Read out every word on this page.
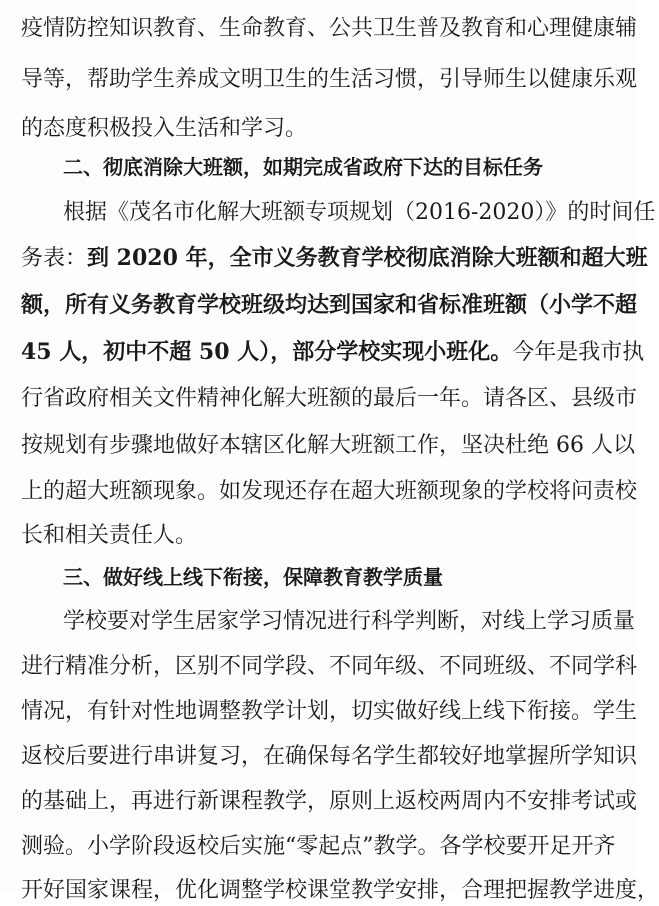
疫情防控知识教育、生命教育、公共卫生普及教育和心理健康辅
导等，帮助学生养成文明卫生的生活习惯，引导师生以健康乐观
的态度积极投入生活和学习。
二、彻底消除大班额，如期完成省政府下达的目标任务
根据《茂名市化解大班额专项规划（2016-2020）》的时间任
务表：到 2020 年，全市义务教育学校彻底消除大班额和超大班
额，所有义务教育学校班级均达到国家和省标准班额（小学不超
45 人，初中不超 50 人），部分学校实现小班化。今年是我市执
行省政府相关文件精神化解大班额的最后一年。请各区、县级市
按规划有步骤地做好本辖区化解大班额工作，坚决杜绝 66 人以
上的超大班额现象。如发现还存在超大班额现象的学校将问责校
长和相关责任人。
三、做好线上线下衔接，保障教育教学质量
学校要对学生居家学习情况进行科学判断，对线上学习质量
进行精准分析，区别不同学段、不同年级、不同班级、不同学科
情况，有针对性地调整教学计划，切实做好线上线下衔接。学生
返校后要进行串讲复习，在确保每名学生都较好地掌握所学知识
的基础上，再进行新课程教学，原则上返校两周内不安排考试或
测验。小学阶段返校后实施“零起点”教学。各学校要开足开齐
开好国家课程，优化调整学校课堂教学安排，合理把握教学进度，
